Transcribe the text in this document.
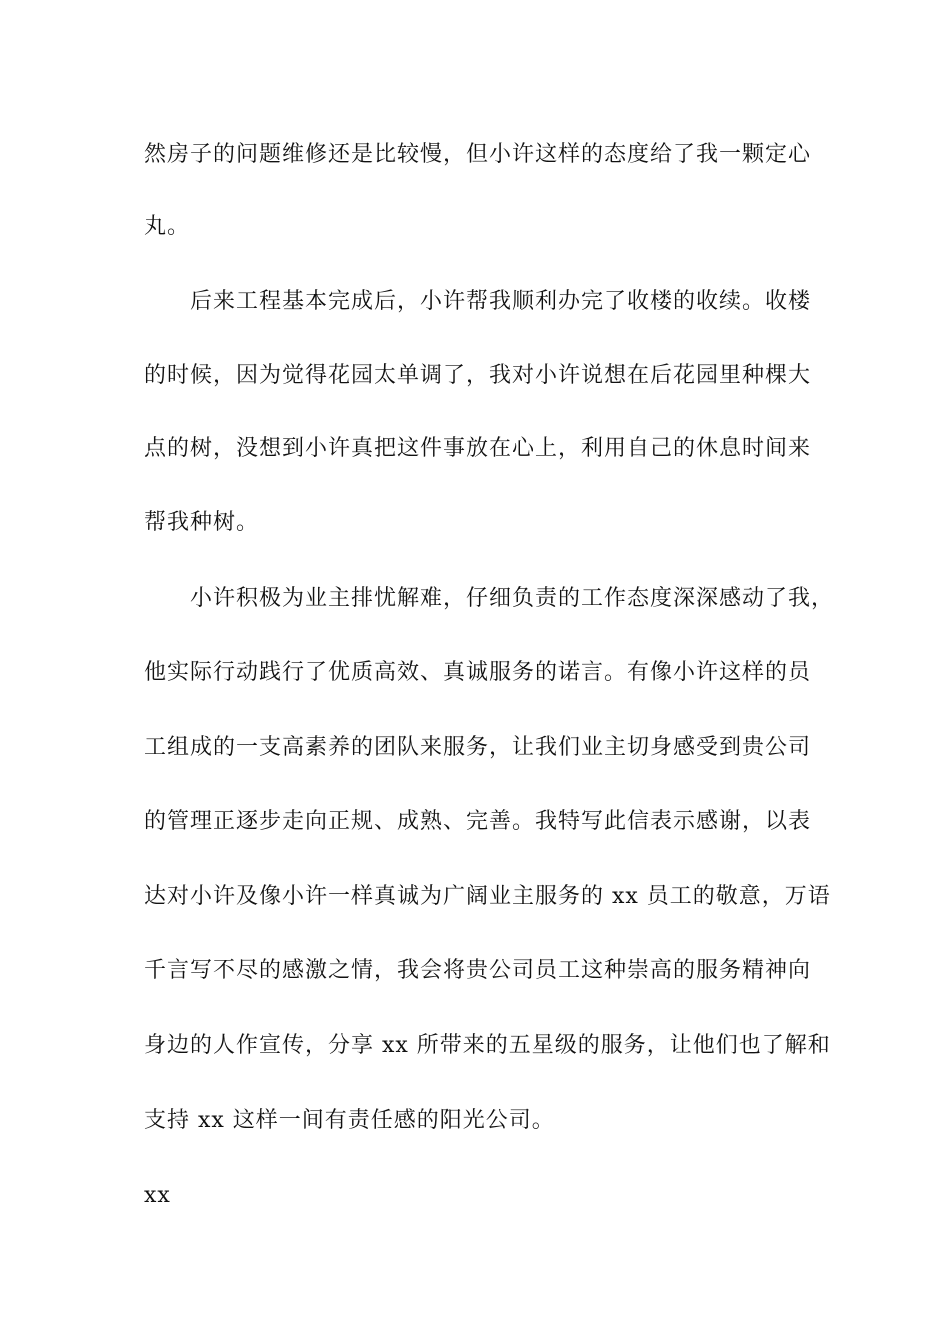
然房子的问题维修还是比较慢，但小许这样的态度给了我一颗定心
丸。
后来工程基本完成后，小许帮我顺利办完了收楼的收续。收楼
的时候，因为觉得花园太单调了，我对小许说想在后花园里种棵大
点的树，没想到小许真把这件事放在心上，利用自己的休息时间来
帮我种树。
小许积极为业主排忧解难，仔细负责的工作态度深深感动了我，
他实际行动践行了优质高效、真诚服务的诺言。有像小许这样的员
工组成的一支高素养的团队来服务，让我们业主切身感受到贵公司
的管理正逐步走向正规、成熟、完善。我特写此信表示感谢，以表
达对小许及像小许一样真诚为广阔业主服务的 xx 员工的敬意，万语
千言写不尽的感激之情，我会将贵公司员工这种崇高的服务精神向
身边的人作宣传，分享 xx 所带来的五星级的服务，让他们也了解和
支持 xx 这样一间有责任感的阳光公司。
xx
